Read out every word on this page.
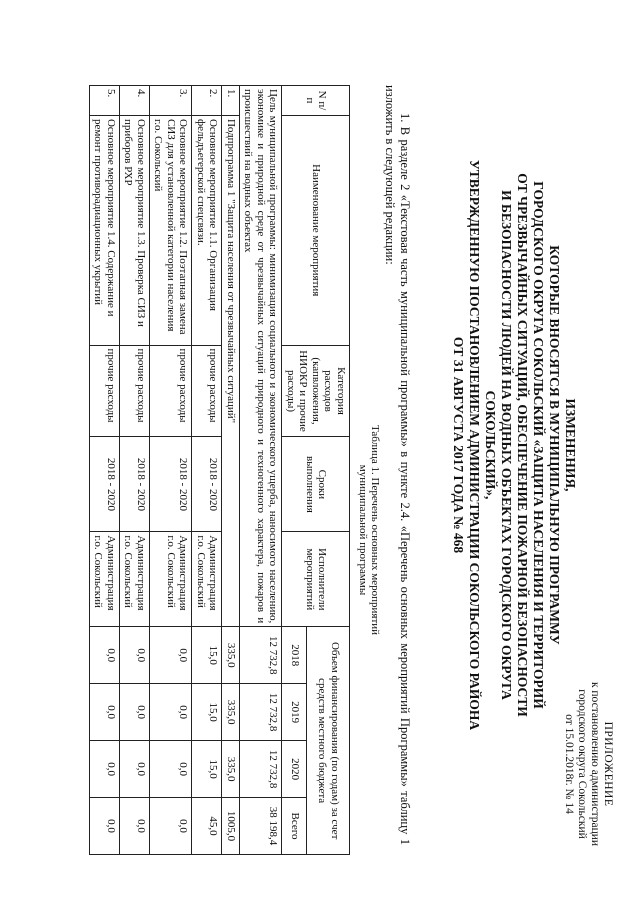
ПРИЛОЖЕНИЕ
к постановлению администрации
городского округа Сокольский
от 15.01.2018г. № 14
ИЗМЕНЕНИЯ,
КОТОРЫЕ ВНОСЯТСЯ В МУНИЦИПАЛЬНУЮ ПРОГРАММУ
ГОРОДСКОГО ОКРУГА СОКОЛЬСКИЙ «ЗАЩИТА НАСЕЛЕНИЯ И ТЕРРИТОРИЙ
ОТ ЧРЕЗВЫЧАЙНЫХ СИТУАЦИЙ, ОБЕСПЕЧЕНИЕ ПОЖАРНОЙ БЕЗОПАСНОСТИ
И БЕЗОПАСНОСТИ ЛЮДЕЙ НА ВОДНЫХ ОБЪЕКТАХ ГОРОДСКОГО ОКРУГА СОКОЛЬСКИЙ»,
УТВЕРЖДЕННУЮ ПОСТАНОВЛЕНИЕМ АДМИНИСТРАЦИИ СОКОЛЬСКОГО РАЙОНА
ОТ 31 АВГУСТА 2017 ГОДА № 468

1. В разделе 2 «Текстовая часть муниципальной программы» в пункте 2.4. «Перечень основных мероприятий Программы» таблицу 1 изложить в следующей редакции:

Таблица 1. Перечень основных мероприятий
муниципальной программы
N п/п	Наименование мероприятия	Категория расходов (капвложения, НИОКР и прочие расходы)	Сроки выполнения	Исполнители мероприятий	Объем финансирования (по годам) за счет средств местного бюджета			
					2018	2019	2020	Всего
Цель муниципальной программы: минимизация социального и экономического ущерба, наносимого населению, экономике и природной среде от чрезвычайных ситуаций природного и техногенного характера, пожаров и происшествий на водных объектах					12 732,8	12 732,8	12 732,8	38 198,4
1.	Подпрограмма 1 "Защита населения от чрезвычайных ситуаций"				335,0	335,0	335,0	1005,0
2.	Основное мероприятие 1.1. Организация фельдъегерской спецсвязи.	прочие расходы	2018 - 2020	Администрация г.о. Сокольский	15,0	15,0	15,0	45,0
3.	Основное мероприятие 1.2. Поэтапная замена СИЗ для установленной категории населения г.о. Сокольский	прочие расходы	2018 - 2020	Администрация г.о. Сокольский	0,0	0,0	0,0	0,0
4.	Основное мероприятие 1.3. Проверка СИЗ и приборов РХР	прочие расходы	2018 - 2020	Администрация г.о. Сокольский	0,0	0,0	0,0	0,0
5.	Основное мероприятие 1.4. Содержание и ремонт противорадиационных укрытий	прочие расходы	2018 - 2020	Администрация г.о. Сокольский	0,0	0,0	0,0	0,0
